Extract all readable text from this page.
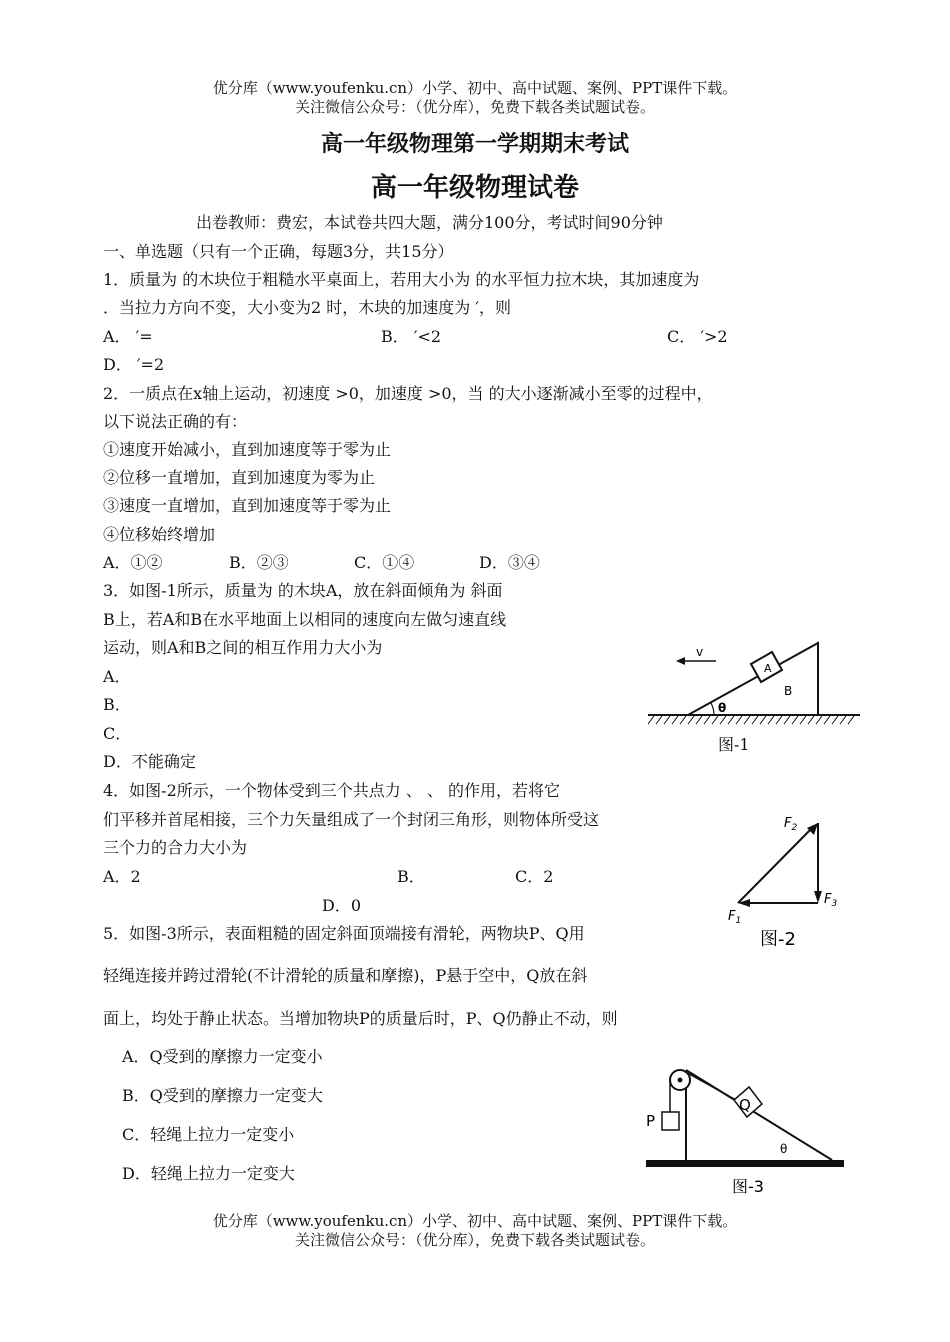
优分库（www.youfenku.cn）小学、初中、高中试题、案例、PPT课件下载。
关注微信公众号：（优分库），免费下载各类试题试卷。
高一年级物理第一学期期末考试
高一年级物理试卷
出卷教师：费宏，本试卷共四大题，满分100分，考试时间90分钟
一、单选题（只有一个正确，每题3分，共15分）
1．质量为 的木块位于粗糙水平桌面上，若用大小为 的水平恒力拉木块，其加速度为
．当拉力方向不变，大小变为2 时，木块的加速度为 ′，则
A． ′=	B． ′<2	C． ′>2
D． ′=2
2．一质点在x轴上运动，初速度 >0，加速度 >0，当 的大小逐渐减小至零的过程中，
以下说法正确的有：
①速度开始减小，直到加速度等于零为止
②位移一直增加，直到加速度为零为止
③速度一直增加，直到加速度等于零为止
④位移始终增加
A．①②	B．②③	C．①④	D．③④
3．如图-1所示，质量为 的木块A，放在斜面倾角为 斜面
B上，若A和B在水平地面上以相同的速度向左做匀速直线
运动，则A和B之间的相互作用力大小为
A．
B．
C．
D．不能确定
v
A
B
θ
图-1
4．如图-2所示，一个物体受到三个共点力 、 、 的作用，若将它
们平移并首尾相接，三个力矢量组成了一个封闭三角形，则物体所受这
三个力的合力大小为
A．2	B．	C．2
D．0
$F_2$
$F_3$
$F_1$
图-2
5．如图-3所示，表面粗糙的固定斜面顶端接有滑轮，两物块P、Q用
轻绳连接并跨过滑轮(不计滑轮的质量和摩擦)，P悬于空中，Q放在斜
面上，均处于静止状态。当增加物块P的质量后时，P、Q仍静止不动，则
A．Q受到的摩擦力一定变小
B．Q受到的摩擦力一定变大
C．轻绳上拉力一定变小
D．轻绳上拉力一定变大
P
Q
θ
图-3
优分库（www.youfenku.cn）小学、初中、高中试题、案例、PPT课件下载。
关注微信公众号：（优分库），免费下载各类试题试卷。
